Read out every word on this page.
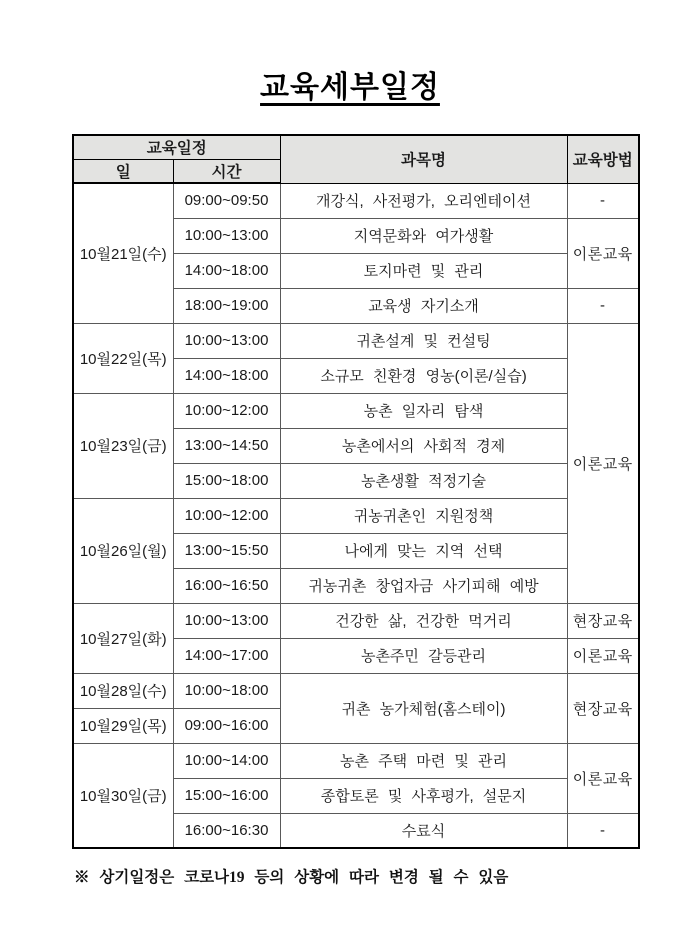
교육세부일정
교육일정		과목명	교육방법
일	시간		
10월21일(수)	09:00~09:50	개강식, 사전평가, 오리엔테이션	-
	10:00~13:00	지역문화와 여가생활	이론교육
	14:00~18:00	토지마련 및 관리	
	18:00~19:00	교육생 자기소개	-
10월22일(목)	10:00~13:00	귀촌설계 및 컨설팅	이론교육
	14:00~18:00	소규모 친환경 영농(이론/실습)	
10월23일(금)	10:00~12:00	농촌 일자리 탐색	
	13:00~14:50	농촌에서의 사회적 경제	
	15:00~18:00	농촌생활 적정기술	
10월26일(월)	10:00~12:00	귀농귀촌인 지원정책	
	13:00~15:50	나에게 맞는 지역 선택	
	16:00~16:50	귀농귀촌 창업자금 사기피해 예방	
10월27일(화)	10:00~13:00	건강한 삶, 건강한 먹거리	현장교육
	14:00~17:00	농촌주민 갈등관리	이론교육
10월28일(수)	10:00~18:00	귀촌 농가체험(홈스테이)	현장교육
10월29일(목)	09:00~16:00		
10월30일(금)	10:00~14:00	농촌 주택 마련 및 관리	이론교육
	15:00~16:00	종합토론 및 사후평가, 설문지	
	16:00~16:30	수료식	-

※ 상기일정은 코로나19 등의 상황에 따라 변경 될 수 있음
